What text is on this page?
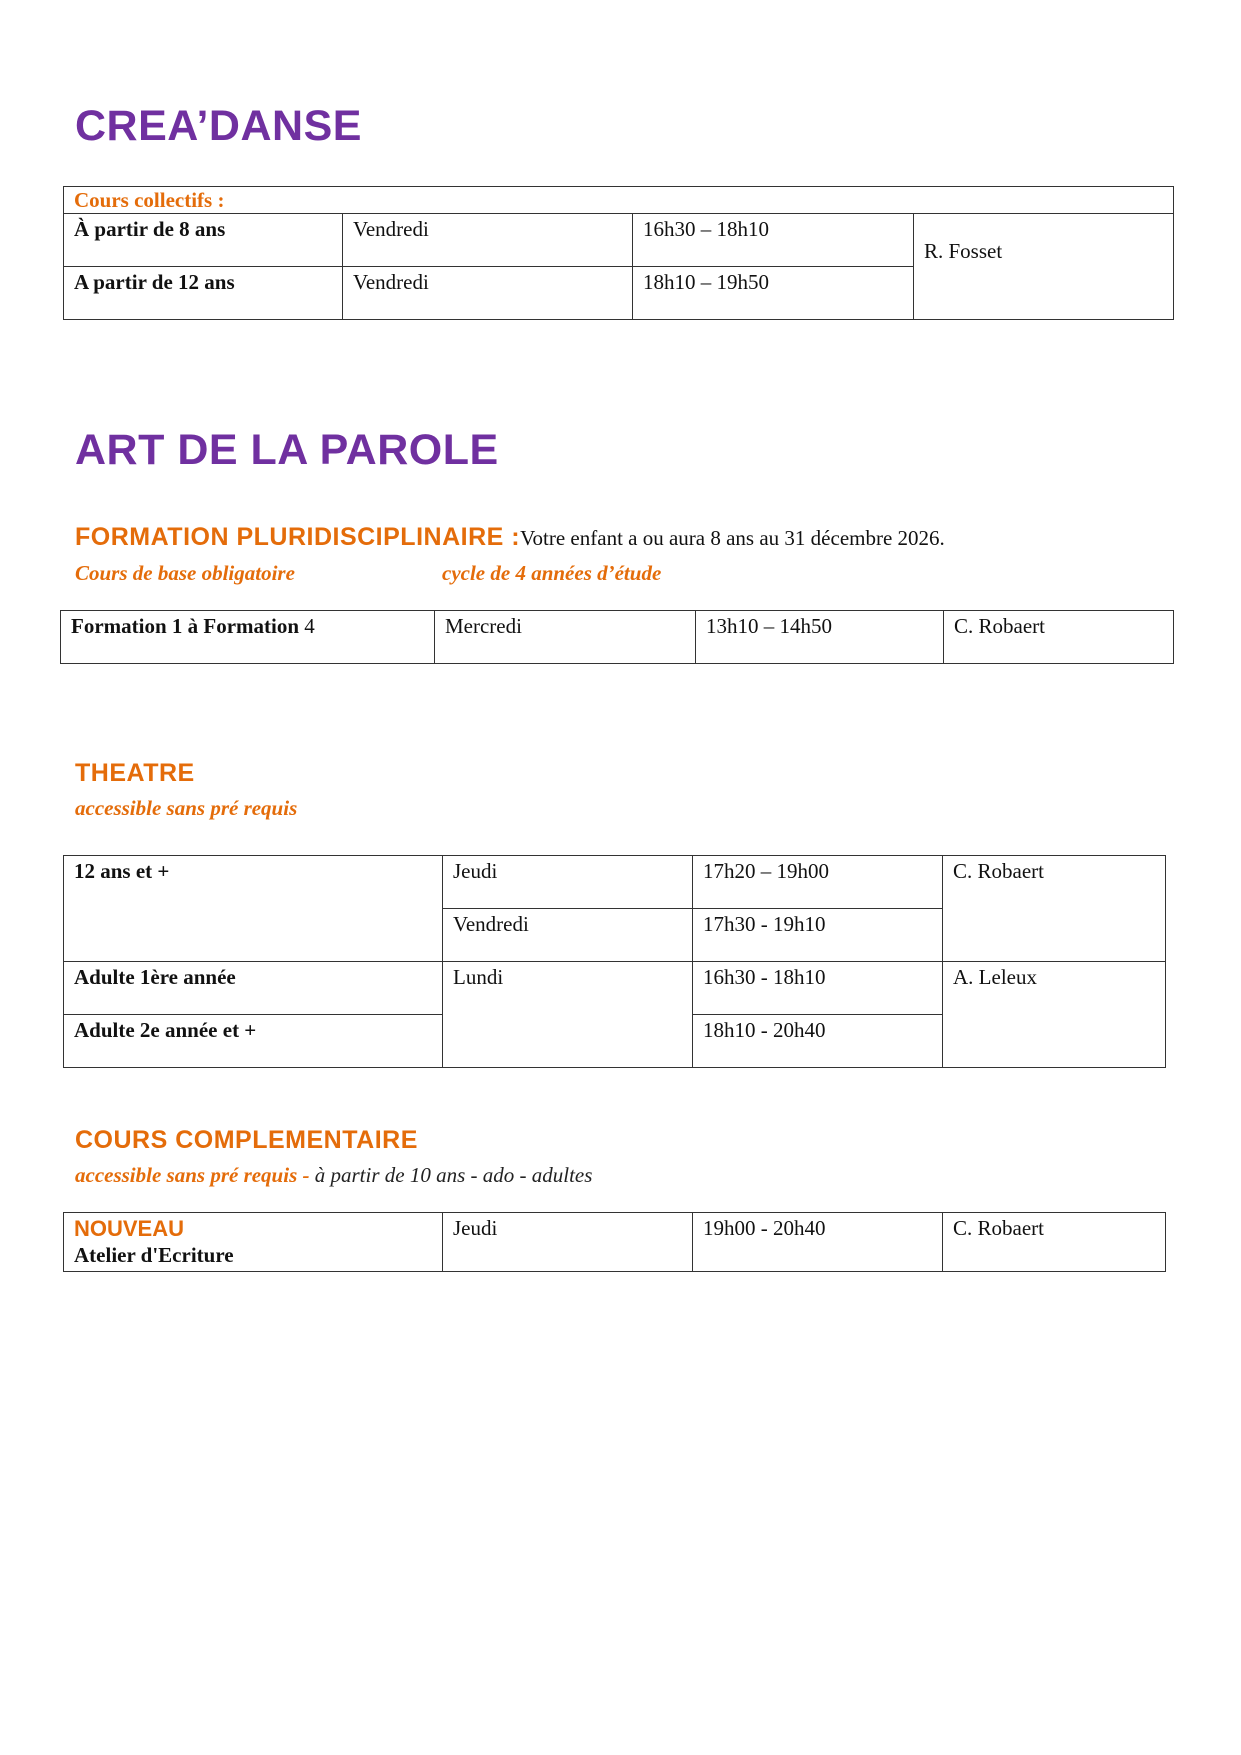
CREA’DANSE
Cours collectifs :			
À partir de 8 ans	Vendredi	16h30 – 18h10	R. Fosset
A partir de 12 ans	Vendredi	18h10 – 19h50	
ART DE LA PAROLE
FORMATION PLURIDISCIPLINAIRE :Votre enfant a ou aura 8 ans au 31 décembre 2026.
Cours de base obligatoire	cycle de 4 années d’étude
Formation 1 à Formation 4	Mercredi	13h10 – 14h50	C. Robaert
THEATRE
accessible sans pré requis
12 ans et +	Jeudi	17h20 – 19h00	C. Robaert
	Vendredi	17h30 - 19h10	
Adulte 1ère année	Lundi	16h30 - 18h10	A. Leleux
Adulte 2e année et +		18h10 - 20h40	
COURS COMPLEMENTAIRE
accessible sans pré requis - à partir de 10 ans - ado - adultes
NOUVEAU
Atelier d'Ecriture	Jeudi	19h00 - 20h40	C. Robaert
